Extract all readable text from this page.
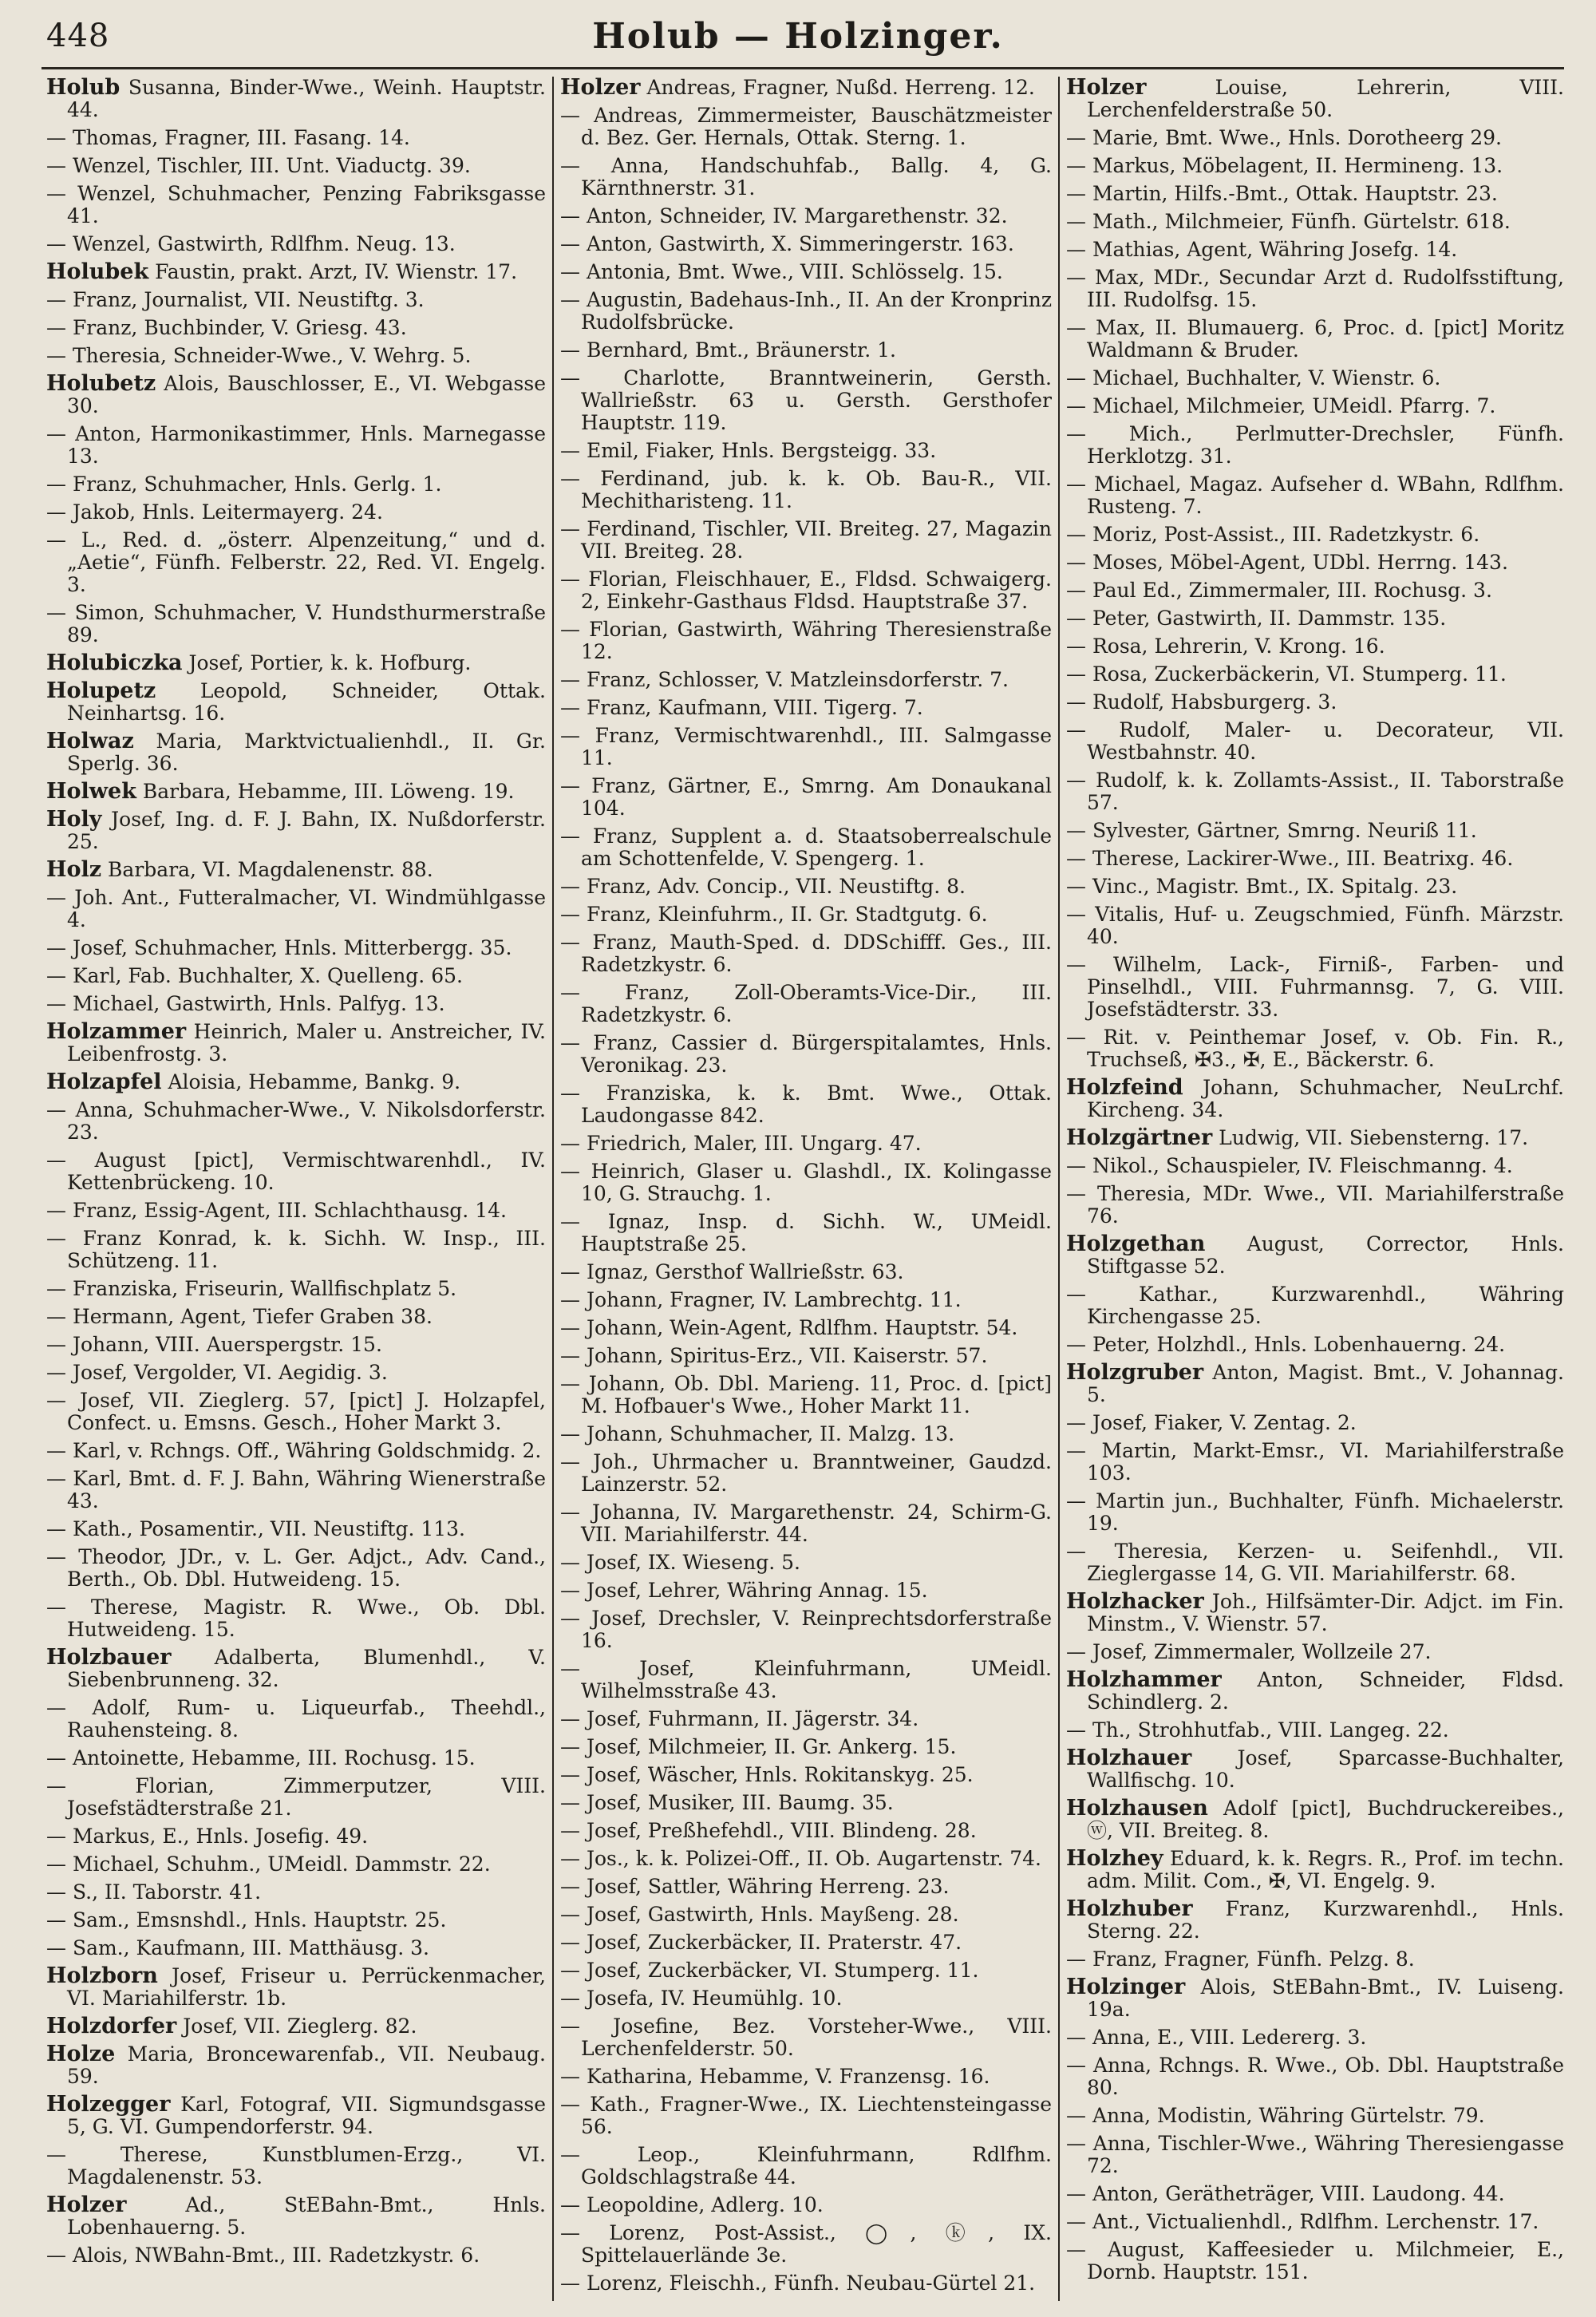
448	Holub — Holzinger.

Holub Susanna, Binder-Wwe., Weinh. Hauptstr. 44.

— Thomas, Fragner, III. Fasang. 14.

— Wenzel, Tischler, III. Unt. Viaductg. 39.

— Wenzel, Schuhmacher, Penzing Fabriksgasse 41.

— Wenzel, Gastwirth, Rdlfhm. Neug. 13.

Holubek Faustin, prakt. Arzt, IV. Wienstr. 17.

— Franz, Journalist, VII. Neustiftg. 3.

— Franz, Buchbinder, V. Griesg. 43.

— Theresia, Schneider-Wwe., V. Wehrg. 5.

Holubetz Alois, Bauschlosser, E., VI. Webgasse 30.

— Anton, Harmonikastimmer, Hnls. Marnegasse 13.

— Franz, Schuhmacher, Hnls. Gerlg. 1.

— Jakob, Hnls. Leitermayerg. 24.

— L., Red. d. „österr. Alpenzeitung,“ und d. „Aetie“, Fünfh. Felberstr. 22, Red. VI. Engelg. 3.

— Simon, Schuhmacher, V. Hundsthurmerstraße 89.

Holubiczka Josef, Portier, k. k. Hofburg.

Holupetz Leopold, Schneider, Ottak. Neinhartsg. 16.

Holwaz Maria, Marktvictualienhdl., II. Gr. Sperlg. 36.

Holwek Barbara, Hebamme, III. Löweng. 19.

Holy Josef, Ing. d. F. J. Bahn, IX. Nußdorferstr. 25.

Holz Barbara, VI. Magdalenenstr. 88.

— Joh. Ant., Futteralmacher, VI. Windmühlgasse 4.

— Josef, Schuhmacher, Hnls. Mitterbergg. 35.

— Karl, Fab. Buchhalter, X. Quelleng. 65.

— Michael, Gastwirth, Hnls. Palfyg. 13.

Holzammer Heinrich, Maler u. Anstreicher, IV. Leibenfrostg. 3.

Holzapfel Aloisia, Hebamme, Bankg. 9.

— Anna, Schuhmacher-Wwe., V. Nikolsdorferstr. 23.

— August [pict], Vermischtwarenhdl., IV. Kettenbrückeng. 10.

— Franz, Essig-Agent, III. Schlachthausg. 14.

— Franz Konrad, k. k. Sichh. W. Insp., III. Schützeng. 11.

— Franziska, Friseurin, Wallfischplatz 5.

— Hermann, Agent, Tiefer Graben 38.

— Johann, VIII. Auerspergstr. 15.

— Josef, Vergolder, VI. Aegidig. 3.

— Josef, VII. Zieglerg. 57, [pict] J. Holzapfel, Confect. u. Emsns. Gesch., Hoher Markt 3.

— Karl, v. Rchngs. Off., Währing Goldschmidg. 2.

— Karl, Bmt. d. F. J. Bahn, Währing Wienerstraße 43.

— Kath., Posamentir., VII. Neustiftg. 113.

— Theodor, JDr., v. L. Ger. Adjct., Adv. Cand., Berth., Ob. Dbl. Hutweideng. 15.

— Therese, Magistr. R. Wwe., Ob. Dbl. Hutweideng. 15.

Holzbauer Adalberta, Blumenhdl., V. Siebenbrunneng. 32.

— Adolf, Rum- u. Liqueurfab., Theehdl., Rauhensteing. 8.

— Antoinette, Hebamme, III. Rochusg. 15.

— Florian, Zimmerputzer, VIII. Josefstädterstraße 21.

— Markus, E., Hnls. Josefig. 49.

— Michael, Schuhm., UMeidl. Dammstr. 22.

— S., II. Taborstr. 41.

— Sam., Emsnshdl., Hnls. Hauptstr. 25.

— Sam., Kaufmann, III. Matthäusg. 3.

Holzborn Josef, Friseur u. Perrückenmacher, VI. Mariahilferstr. 1b.

Holzdorfer Josef, VII. Zieglerg. 82.

Holze Maria, Broncewarenfab., VII. Neubaug. 59.

Holzegger Karl, Fotograf, VII. Sigmundsgasse 5, G. VI. Gumpendorferstr. 94.

— Therese, Kunstblumen-Erzg., VI. Magdalenenstr. 53.

Holzer Ad., StEBahn-Bmt., Hnls. Lobenhauerng. 5.

— Alois, NWBahn-Bmt., III. Radetzkystr. 6.

Holzer Andreas, Fragner, Nußd. Herreng. 12.

— Andreas, Zimmermeister, Bauschätzmeister d. Bez. Ger. Hernals, Ottak. Sterng. 1.

— Anna, Handschuhfab., Ballg. 4, G. Kärnthnerstr. 31.

— Anton, Schneider, IV. Margarethenstr. 32.

— Anton, Gastwirth, X. Simmeringerstr. 163.

— Antonia, Bmt. Wwe., VIII. Schlösselg. 15.

— Augustin, Badehaus-Inh., II. An der Kronprinz Rudolfsbrücke.

— Bernhard, Bmt., Bräunerstr. 1.

— Charlotte, Branntweinerin, Gersth. Wallrießstr. 63 u. Gersth. Gersthofer Hauptstr. 119.

— Emil, Fiaker, Hnls. Bergsteigg. 33.

— Ferdinand, jub. k. k. Ob. Bau-R., VII. Mechitharisteng. 11.

— Ferdinand, Tischler, VII. Breiteg. 27, Magazin VII. Breiteg. 28.

— Florian, Fleischhauer, E., Fldsd. Schwaigerg. 2, Einkehr-Gasthaus Fldsd. Hauptstraße 37.

— Florian, Gastwirth, Währing Theresienstraße 12.

— Franz, Schlosser, V. Matzleinsdorferstr. 7.

— Franz, Kaufmann, VIII. Tigerg. 7.

— Franz, Vermischtwarenhdl., III. Salmgasse 11.

— Franz, Gärtner, E., Smrng. Am Donaukanal 104.

— Franz, Supplent a. d. Staatsoberrealschule am Schottenfelde, V. Spengerg. 1.

— Franz, Adv. Concip., VII. Neustiftg. 8.

— Franz, Kleinfuhrm., II. Gr. Stadtgutg. 6.

— Franz, Mauth-Sped. d. DDSchifff. Ges., III. Radetzkystr. 6.

— Franz, Zoll-Oberamts-Vice-Dir., III. Radetzkystr. 6.

— Franz, Cassier d. Bürgerspitalamtes, Hnls. Veronikag. 23.

— Franziska, k. k. Bmt. Wwe., Ottak. Laudongasse 842.

— Friedrich, Maler, III. Ungarg. 47.

— Heinrich, Glaser u. Glashdl., IX. Kolingasse 10, G. Strauchg. 1.

— Ignaz, Insp. d. Sichh. W., UMeidl. Hauptstraße 25.

— Ignaz, Gersthof Wallrießstr. 63.

— Johann, Fragner, IV. Lambrechtg. 11.

— Johann, Wein-Agent, Rdlfhm. Hauptstr. 54.

— Johann, Spiritus-Erz., VII. Kaiserstr. 57.

— Johann, Ob. Dbl. Marieng. 11, Proc. d. [pict] M. Hofbauer's Wwe., Hoher Markt 11.

— Johann, Schuhmacher, II. Malzg. 13.

— Joh., Uhrmacher u. Branntweiner, Gaudzd. Lainzerstr. 52.

— Johanna, IV. Margarethenstr. 24, Schirm-G. VII. Mariahilferstr. 44.

— Josef, IX. Wieseng. 5.

— Josef, Lehrer, Währing Annag. 15.

— Josef, Drechsler, V. Reinprechtsdorferstraße 16.

— Josef, Kleinfuhrmann, UMeidl. Wilhelmsstraße 43.

— Josef, Fuhrmann, II. Jägerstr. 34.

— Josef, Milchmeier, II. Gr. Ankerg. 15.

— Josef, Wäscher, Hnls. Rokitanskyg. 25.

— Josef, Musiker, III. Baumg. 35.

— Josef, Preßhefehdl., VIII. Blindeng. 28.

— Jos., k. k. Polizei-Off., II. Ob. Augartenstr. 74.

— Josef, Sattler, Währing Herreng. 23.

— Josef, Gastwirth, Hnls. Mayßeng. 28.

— Josef, Zuckerbäcker, II. Praterstr. 47.

— Josef, Zuckerbäcker, VI. Stumperg. 11.

— Josefa, IV. Heumühlg. 10.

— Josefine, Bez. Vorsteher-Wwe., VIII. Lerchenfelderstr. 50.

— Katharina, Hebamme, V. Franzensg. 16.

— Kath., Fragner-Wwe., IX. Liechtensteingasse 56.

— Leop., Kleinfuhrmann, Rdlfhm. Goldschlagstraße 44.

— Leopoldine, Adlerg. 10.

— Lorenz, Post-Assist., ◯, ⓚ, IX. Spittelauerlände 3e.

— Lorenz, Fleischh., Fünfh. Neubau-Gürtel 21.

Holzer Louise, Lehrerin, VIII. Lerchenfelderstraße 50.

— Marie, Bmt. Wwe., Hnls. Dorotheerg 29.

— Markus, Möbelagent, II. Hermineng. 13.

— Martin, Hilfs.-Bmt., Ottak. Hauptstr. 23.

— Math., Milchmeier, Fünfh. Gürtelstr. 618.

— Mathias, Agent, Währing Josefg. 14.

— Max, MDr., Secundar Arzt d. Rudolfsstiftung, III. Rudolfsg. 15.

— Max, II. Blumauerg. 6, Proc. d. [pict] Moritz Waldmann & Bruder.

— Michael, Buchhalter, V. Wienstr. 6.

— Michael, Milchmeier, UMeidl. Pfarrg. 7.

— Mich., Perlmutter-Drechsler, Fünfh. Herklotzg. 31.

— Michael, Magaz. Aufseher d. WBahn, Rdlfhm. Rusteng. 7.

— Moriz, Post-Assist., III. Radetzkystr. 6.

— Moses, Möbel-Agent, UDbl. Herrng. 143.

— Paul Ed., Zimmermaler, III. Rochusg. 3.

— Peter, Gastwirth, II. Dammstr. 135.

— Rosa, Lehrerin, V. Krong. 16.

— Rosa, Zuckerbäckerin, VI. Stumperg. 11.

— Rudolf, Habsburgerg. 3.

— Rudolf, Maler- u. Decorateur, VII. Westbahnstr. 40.

— Rudolf, k. k. Zollamts-Assist., II. Taborstraße 57.

— Sylvester, Gärtner, Smrng. Neuriß 11.

— Therese, Lackirer-Wwe., III. Beatrixg. 46.

— Vinc., Magistr. Bmt., IX. Spitalg. 23.

— Vitalis, Huf- u. Zeugschmied, Fünfh. Märzstr. 40.

— Wilhelm, Lack-, Firniß-, Farben- und Pinselhdl., VIII. Fuhrmannsg. 7, G. VIII. Josefstädterstr. 33.

— Rit. v. Peinthemar Josef, v. Ob. Fin. R., Truchseß, ✠3., ✠, E., Bäckerstr. 6.

Holzfeind Johann, Schuhmacher, NeuLrchf. Kircheng. 34.

Holzgärtner Ludwig, VII. Siebensterng. 17.

— Nikol., Schauspieler, IV. Fleischmanng. 4.

— Theresia, MDr. Wwe., VII. Mariahilferstraße 76.

Holzgethan August, Corrector, Hnls. Stiftgasse 52.

— Kathar., Kurzwarenhdl., Währing Kirchengasse 25.

— Peter, Holzhdl., Hnls. Lobenhauerng. 24.

Holzgruber Anton, Magist. Bmt., V. Johannag. 5.

— Josef, Fiaker, V. Zentag. 2.

— Martin, Markt-Emsr., VI. Mariahilferstraße 103.

— Martin jun., Buchhalter, Fünfh. Michaelerstr. 19.

— Theresia, Kerzen- u. Seifenhdl., VII. Zieglergasse 14, G. VII. Mariahilferstr. 68.

Holzhacker Joh., Hilfsämter-Dir. Adjct. im Fin. Minstm., V. Wienstr. 57.

— Josef, Zimmermaler, Wollzeile 27.

Holzhammer Anton, Schneider, Fldsd. Schindlerg. 2.

— Th., Strohhutfab., VIII. Langeg. 22.

Holzhauer Josef, Sparcasse-Buchhalter, Wallfischg. 10.

Holzhausen Adolf [pict], Buchdruckereibes., ⓦ, VII. Breiteg. 8.

Holzhey Eduard, k. k. Regrs. R., Prof. im techn. adm. Milit. Com., ✠, VI. Engelg. 9.

Holzhuber Franz, Kurzwarenhdl., Hnls. Sterng. 22.

— Franz, Fragner, Fünfh. Pelzg. 8.

Holzinger Alois, StEBahn-Bmt., IV. Luiseng. 19a.

— Anna, E., VIII. Ledererg. 3.

— Anna, Rchngs. R. Wwe., Ob. Dbl. Hauptstraße 80.

— Anna, Modistin, Währing Gürtelstr. 79.

— Anna, Tischler-Wwe., Währing Theresiengasse 72.

— Anton, Gerätheträger, VIII. Laudong. 44.

— Ant., Victualienhdl., Rdlfhm. Lerchenstr. 17.

— August, Kaffeesieder u. Milchmeier, E., Dornb. Hauptstr. 151.
